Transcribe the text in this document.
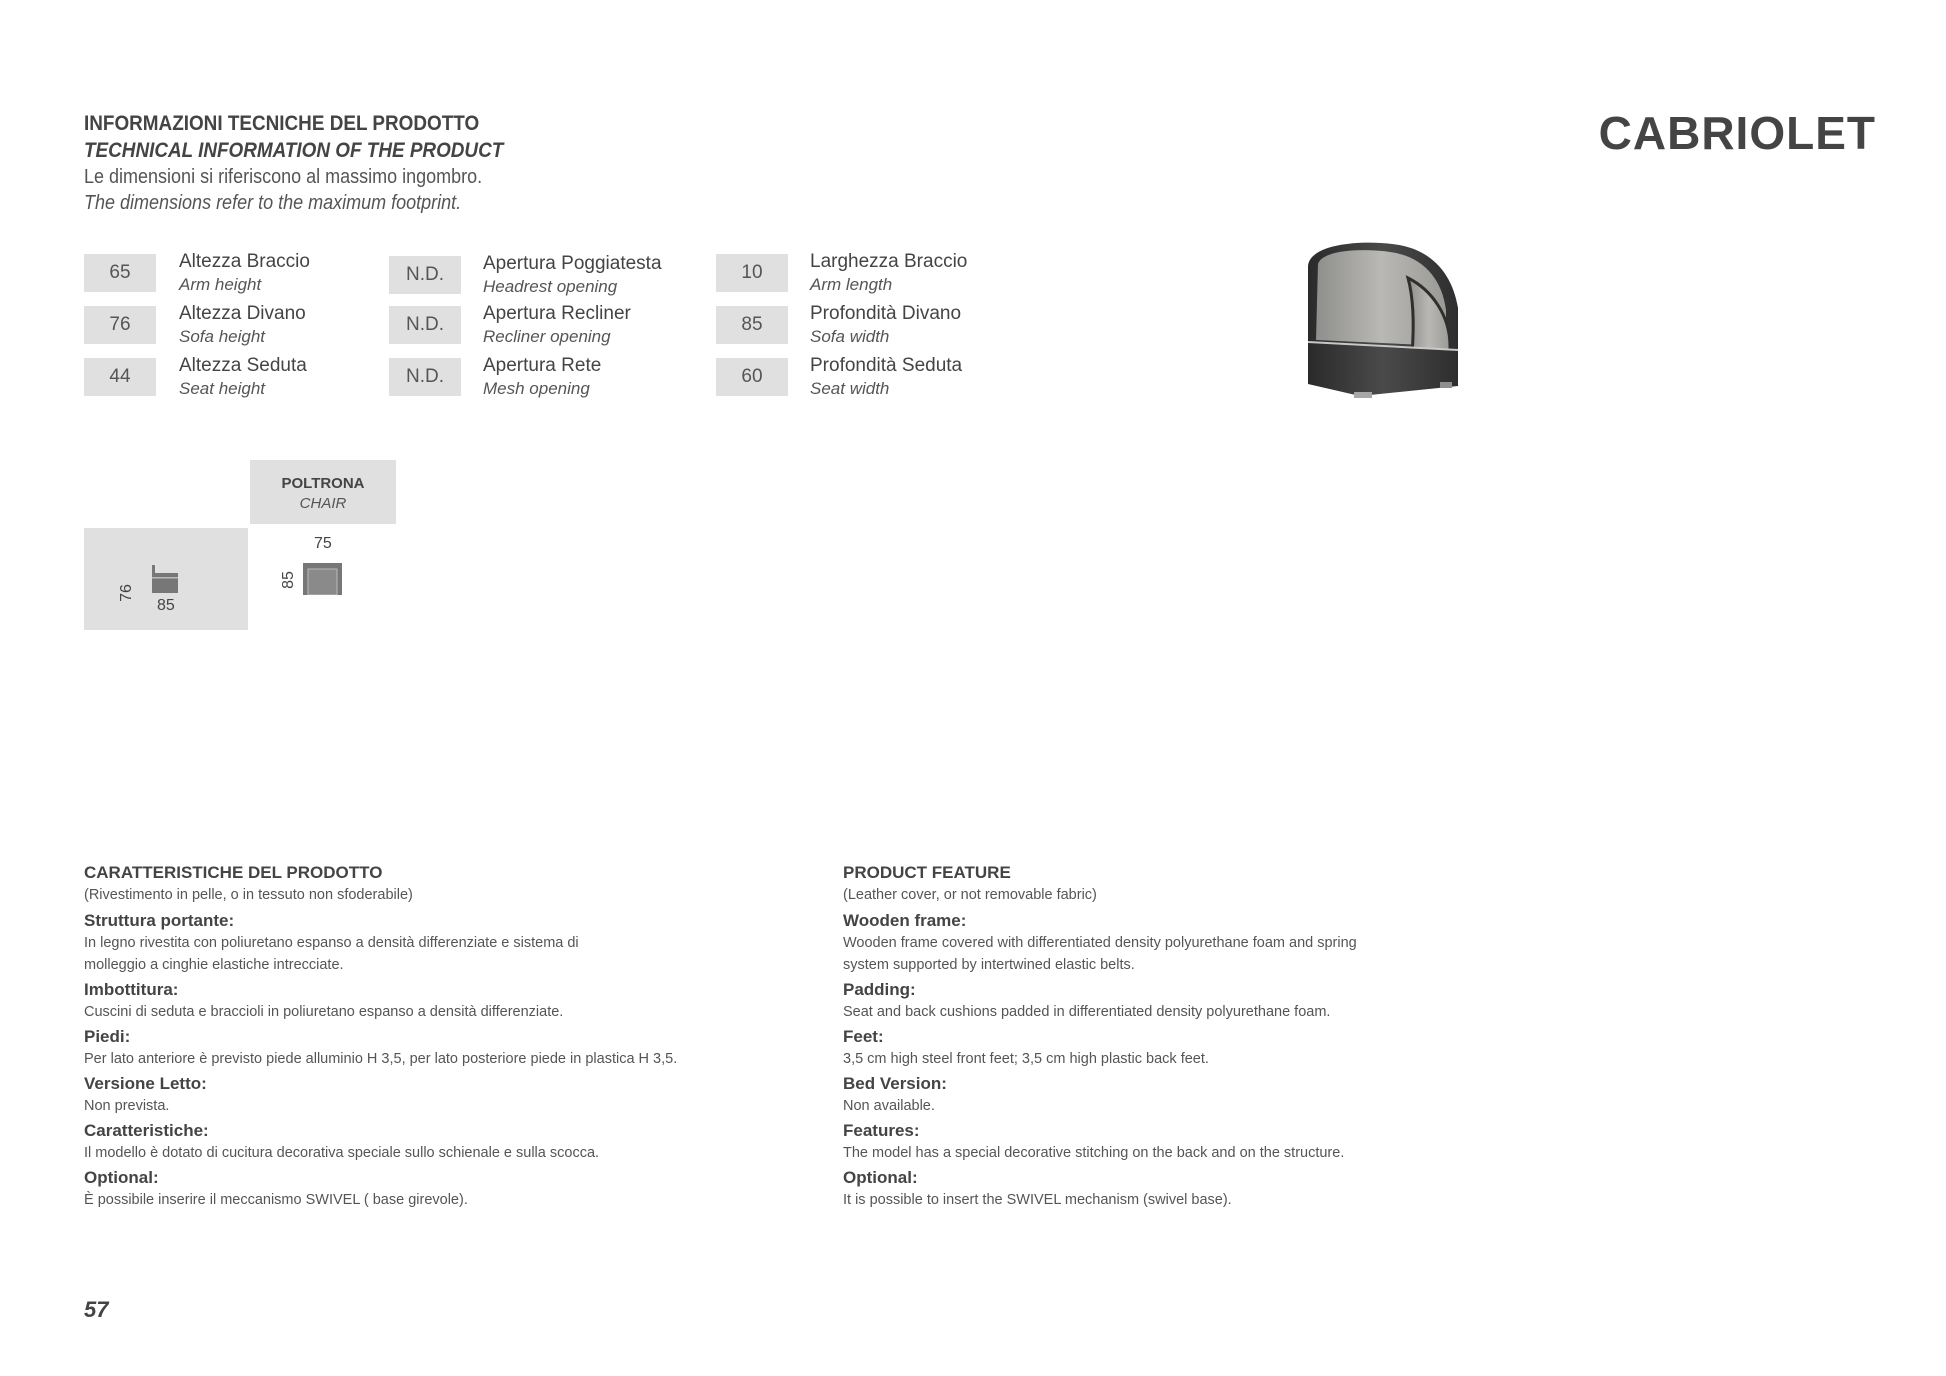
INFORMAZIONI TECNICHE DEL PRODOTTO
TECHNICAL INFORMATION OF THE PRODUCT
Le dimensioni si riferiscono al massimo ingombro.
The dimensions refer to the maximum footprint.
CABRIOLET
65
Altezza Braccio
Arm height
76
Altezza Divano
Sofa height
44
Altezza Seduta
Seat height
N.D.
Apertura Poggiatesta
Headrest opening
N.D.
Apertura Recliner
Recliner opening
N.D.
Apertura Rete
Mesh opening
10
Larghezza Braccio
Arm length
85
Profondità Divano
Sofa width
60
Profondità Seduta
Seat width
POLTRONA
CHAIR
76
85
75
85
CARATTERISTICHE DEL PRODOTTO
(Rivestimento in pelle, o in tessuto non sfoderabile)
Struttura portante:
In legno rivestita con poliuretano espanso a densità differenziate e sistema di molleggio a cinghie elastiche intrecciate.
Imbottitura:
Cuscini di seduta e braccioli in poliuretano espanso a densità differenziate.
Piedi:
Per lato anteriore è previsto piede alluminio H 3,5, per lato posteriore piede in plastica H 3,5.
Versione Letto:
Non prevista.
Caratteristiche:
Il modello è dotato di cucitura decorativa speciale sullo schienale e sulla scocca.
Optional:
È possibile inserire il meccanismo SWIVEL ( base girevole).
PRODUCT FEATURE
(Leather cover, or not removable fabric)
Wooden frame:
Wooden frame covered with differentiated density polyurethane foam and spring system supported by intertwined elastic belts.
Padding:
Seat and back cushions padded in differentiated density polyurethane foam.
Feet:
3,5 cm high steel front feet; 3,5 cm high plastic back feet.
Bed Version:
Non available.
Features:
The model has a special decorative stitching on the back and on the structure.
Optional:
It is possible to insert the SWIVEL mechanism (swivel base).
57
